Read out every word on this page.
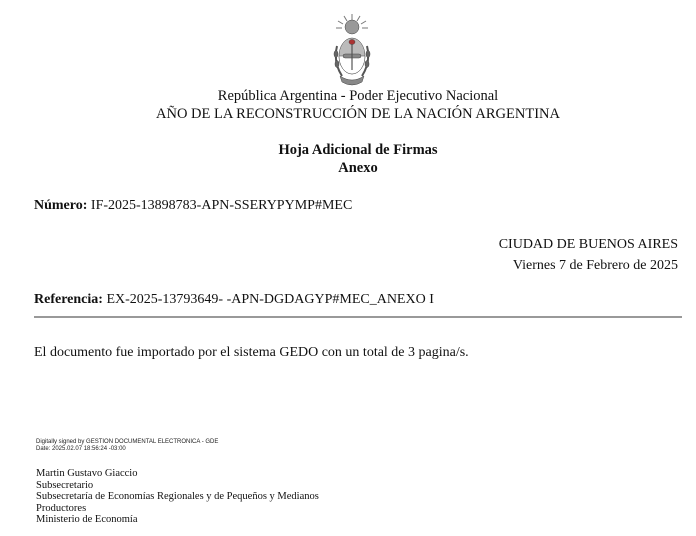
República Argentina - Poder Ejecutivo Nacional
AÑO DE LA RECONSTRUCCIÓN DE LA NACIÓN ARGENTINA
Hoja Adicional de Firmas
Anexo
Número: IF-2025-13898783-APN-SSERYPYMP#MEC
CIUDAD DE BUENOS AIRES
Viernes 7 de Febrero de 2025
Referencia: EX-2025-13793649- -APN-DGDAGYP#MEC_ANEXO I
El documento fue importado por el sistema GEDO con un total de 3 pagina/s.
Digitally signed by GESTION DOCUMENTAL ELECTRONICA - GDE
Date: 2025.02.07 18:56:24 -03:00
Martin Gustavo Giaccio
Subsecretario
Subsecretaría de Economías Regionales y de Pequeños y Medianos
Productores
Ministerio de Economía
